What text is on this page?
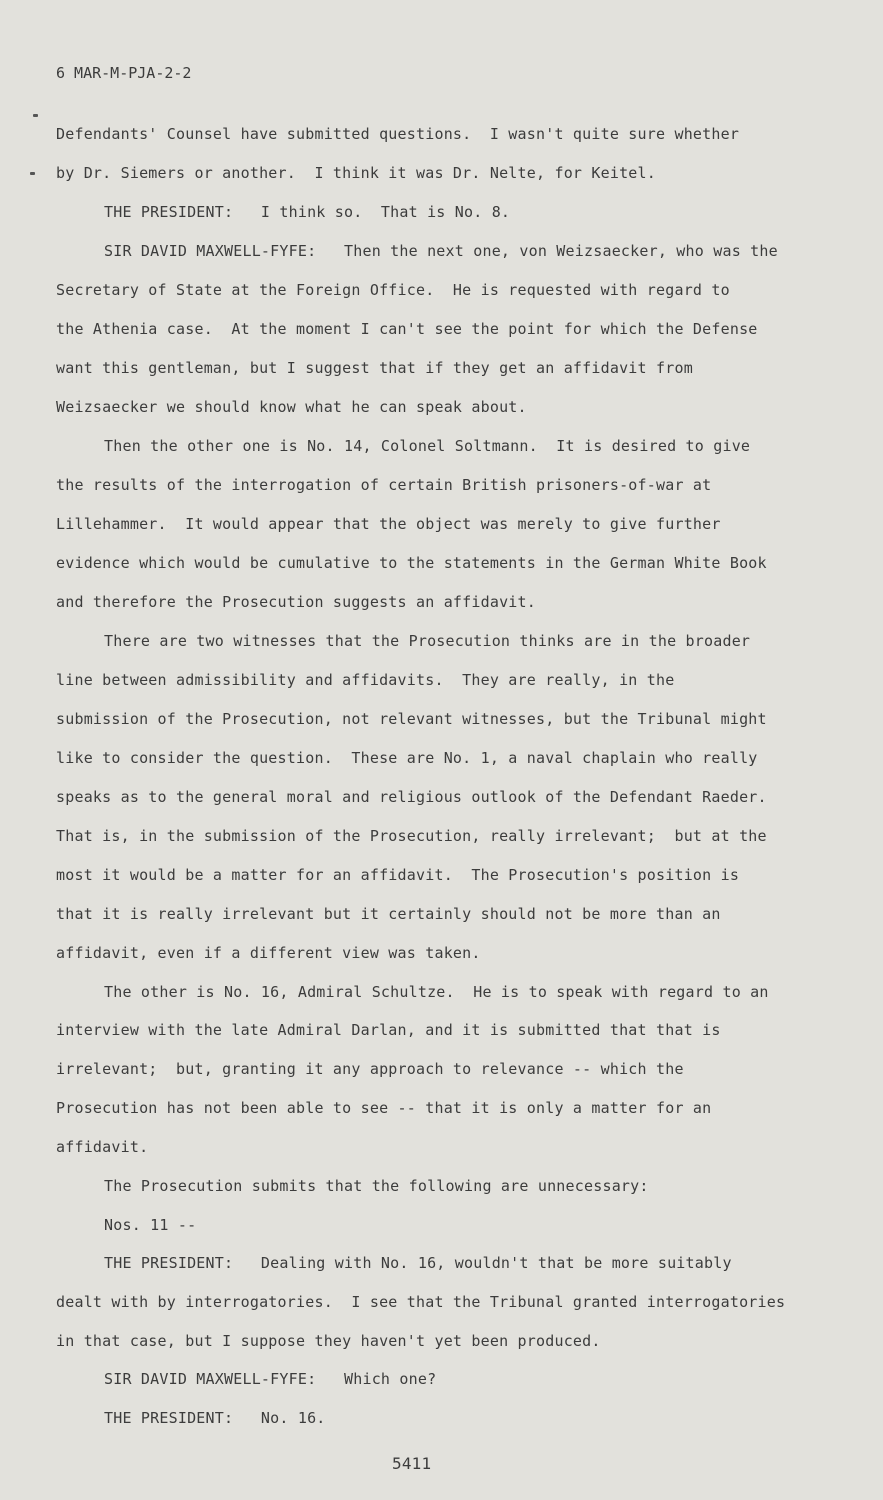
6 MAR-M-PJA-2-2
Defendants' Counsel have submitted questions.  I wasn't quite sure whether
by Dr. Siemers or another.  I think it was Dr. Nelte, for Keitel.
THE PRESIDENT:   I think so.  That is No. 8.
SIR DAVID MAXWELL-FYFE:   Then the next one, von Weizsaecker, who was the
Secretary of State at the Foreign Office.  He is requested with regard to
the Athenia case.  At the moment I can't see the point for which the Defense
want this gentleman, but I suggest that if they get an affidavit from
Weizsaecker we should know what he can speak about.
Then the other one is No. 14, Colonel Soltmann.  It is desired to give
the results of the interrogation of certain British prisoners-of-war at
Lillehammer.  It would appear that the object was merely to give further
evidence which would be cumulative to the statements in the German White Book
and therefore the Prosecution suggests an affidavit.
There are two witnesses that the Prosecution thinks are in the broader
line between admissibility and affidavits.  They are really, in the
submission of the Prosecution, not relevant witnesses, but the Tribunal might
like to consider the question.  These are No. 1, a naval chaplain who really
speaks as to the general moral and religious outlook of the Defendant Raeder.
That is, in the submission of the Prosecution, really irrelevant;  but at the
most it would be a matter for an affidavit.  The Prosecution's position is
that it is really irrelevant but it certainly should not be more than an
affidavit, even if a different view was taken.
The other is No. 16, Admiral Schultze.  He is to speak with regard to an
interview with the late Admiral Darlan, and it is submitted that that is
irrelevant;  but, granting it any approach to relevance -- which the
Prosecution has not been able to see -- that it is only a matter for an
affidavit.
The Prosecution submits that the following are unnecessary:
Nos. 11 --
THE PRESIDENT:   Dealing with No. 16, wouldn't that be more suitably
dealt with by interrogatories.  I see that the Tribunal granted interrogatories
in that case, but I suppose they haven't yet been produced.
SIR DAVID MAXWELL-FYFE:   Which one?
THE PRESIDENT:   No. 16.
5411
